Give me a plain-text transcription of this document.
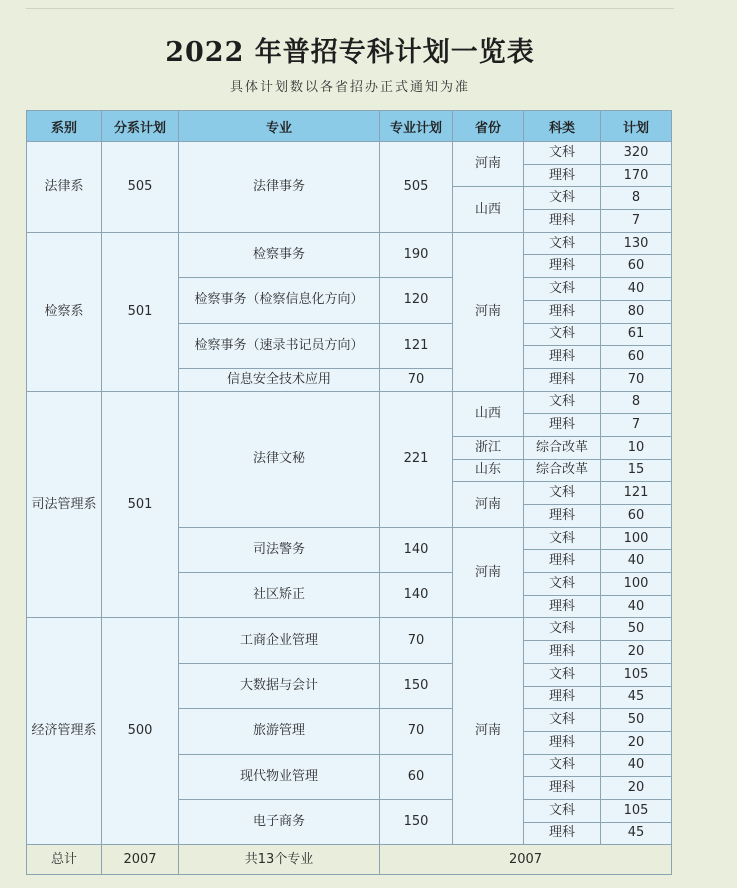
2022 年普招专科计划一览表
具体计划数以各省招办正式通知为准
系别	分系计划	专业	专业计划	省份	科类	计划
法律系	505	法律事务	505	河南	文科	320
					理科	170
				山西	文科	8
					理科	7
检察系	501	检察事务	190	河南	文科	130
					理科	60
		检察事务（检察信息化方向）	120		文科	40
					理科	80
		检察事务（速录书记员方向）	121		文科	61
					理科	60
		信息安全技术应用	70		理科	70
司法管理系	501	法律文秘	221	山西	文科	8
					理科	7
				浙江	综合改革	10
				山东	综合改革	15
				河南	文科	121
					理科	60
		司法警务	140	河南	文科	100
					理科	40
		社区矫正	140		文科	100
					理科	40
经济管理系	500	工商企业管理	70	河南	文科	50
					理科	20
		大数据与会计	150		文科	105
					理科	45
		旅游管理	70		文科	50
					理科	20
		现代物业管理	60		文科	40
					理科	20
		电子商务	150		文科	105
					理科	45
总计	2007	共13个专业	2007			
